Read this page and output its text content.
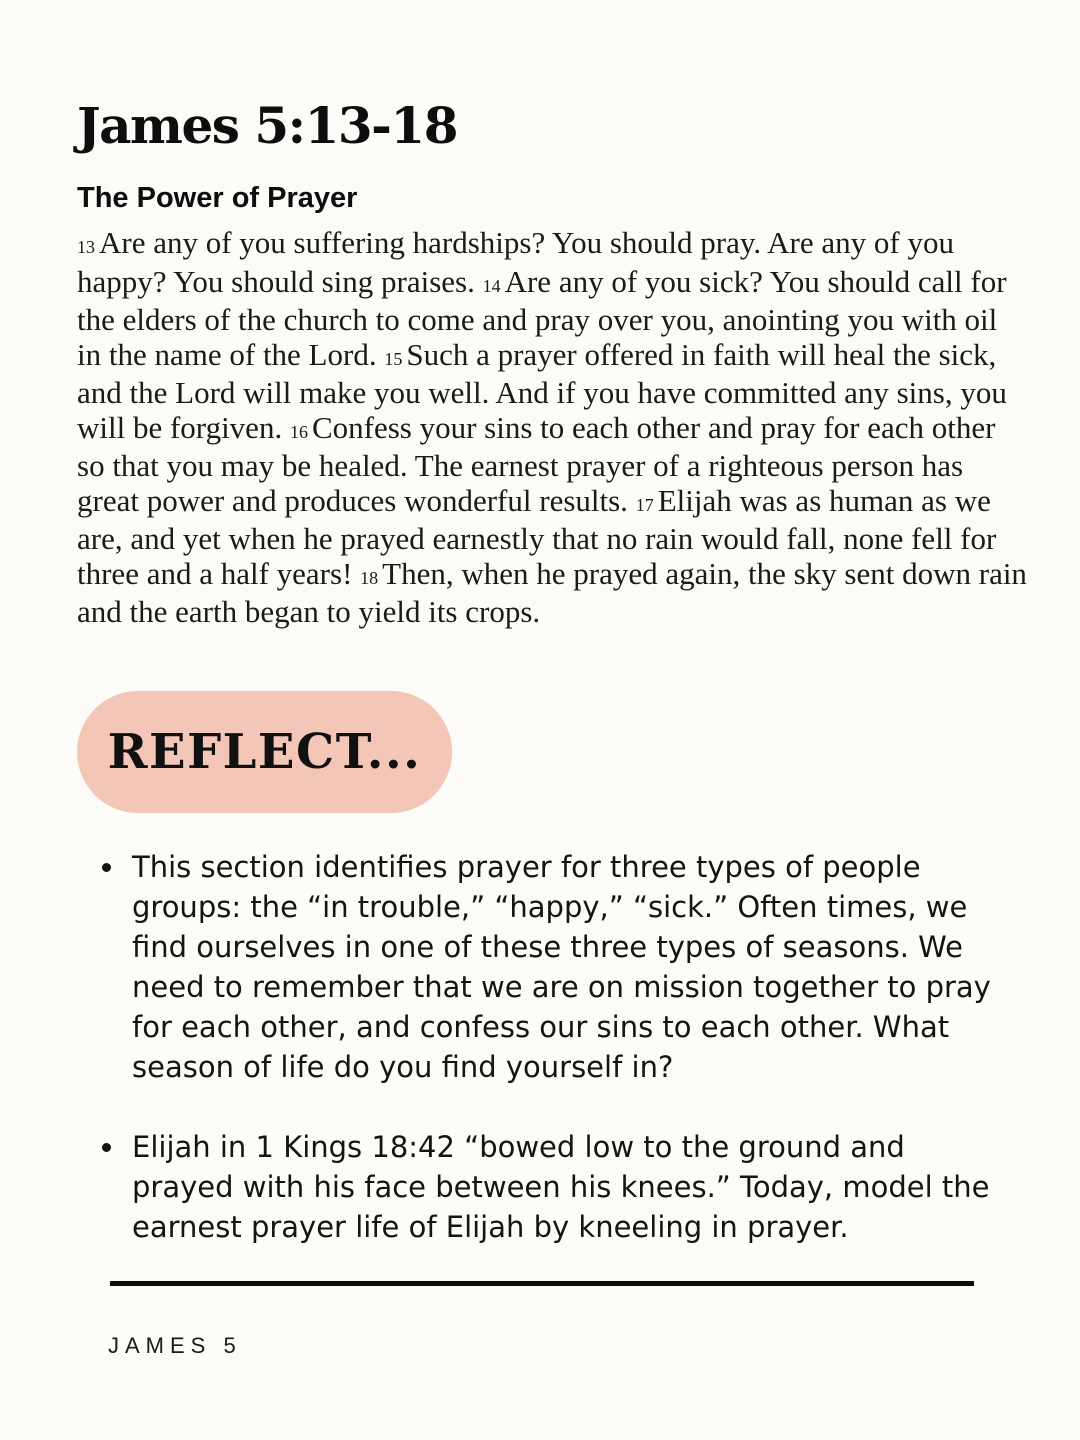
James 5:13-18
The Power of Prayer

13 Are any of you suffering hardships? You should pray. Are any of you happy? You should sing praises. 14 Are any of you sick? You should call for the elders of the church to come and pray over you, anointing you with oil in the name of the Lord. 15 Such a prayer offered in faith will heal the sick, and the Lord will make you well. And if you have committed any sins, you will be forgiven. 16 Confess your sins to each other and pray for each other so that you may be healed. The earnest prayer of a righteous person has great power and produces wonderful results. 17 Elijah was as human as we are, and yet when he prayed earnestly that no rain would fall, none fell for three and a half years! 18 Then, when he prayed again, the sky sent down rain and the earth began to yield its crops.

REFLECT...
This section identifies prayer for three types of people groups: the “in trouble,” “happy,” “sick.” Often times, we find ourselves in one of these three types of seasons. We need to remember that we are on mission together to pray for each other, and confess our sins to each other. What season of life do you find yourself in?
Elijah in 1 Kings 18:42 “bowed low to the ground and prayed with his face between his knees.” Today, model the earnest prayer life of Elijah by kneeling in prayer.

JAMES 5
